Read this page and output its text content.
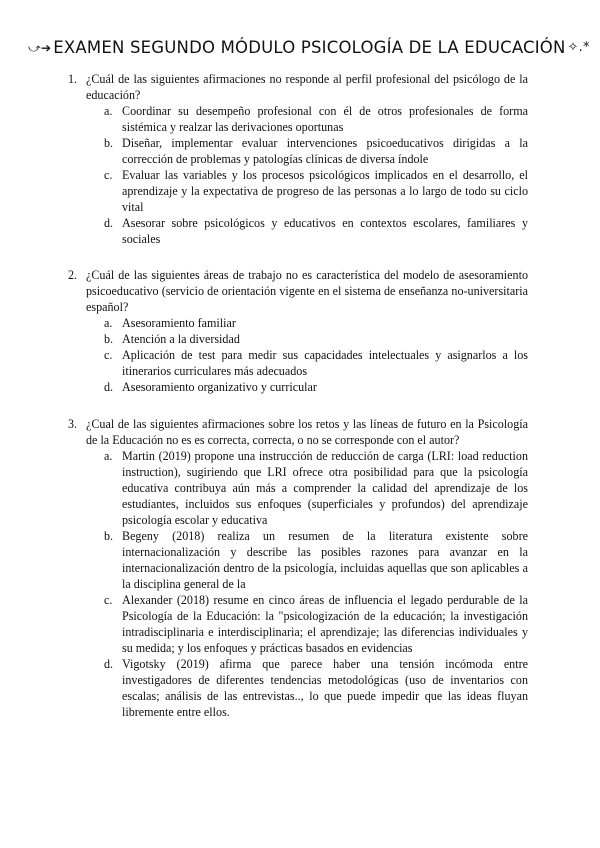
⤻➔ EXAMEN SEGUNDO MÓDULO PSICOLOGÍA DE LA EDUCACIÓN ✧.*
1. ¿Cuál de las siguientes afirmaciones no responde al perfil profesional del psicólogo de la educación?
a. Coordinar su desempeño profesional con él de otros profesionales de forma sistémica y realzar las derivaciones oportunas
b. Diseñar, implementar evaluar intervenciones psicoeducativos dirigidas a la corrección de problemas y patologías clínicas de diversa índole
c. Evaluar las variables y los procesos psicológicos implicados en el desarrollo, el aprendizaje y la expectativa de progreso de las personas a lo largo de todo su ciclo vital
d. Asesorar sobre psicológicos y educativos en contextos escolares, familiares y sociales
2. ¿Cuál de las siguientes áreas de trabajo no es característica del modelo de asesoramiento psicoeducativo (servicio de orientación vigente en el sistema de enseñanza no-universitaria español?
a. Asesoramiento familiar
b. Atención a la diversidad
c. Aplicación de test para medir sus capacidades intelectuales y asignarlos a los itinerarios curriculares más adecuados
d. Asesoramiento organizativo y curricular
3. ¿Cual de las siguientes afirmaciones sobre los retos y las líneas de futuro en la Psicología de la Educación no es es correcta, correcta, o no se corresponde con el autor?
a. Martin (2019) propone una instrucción de reducción de carga (LRI: load reduction instruction), sugiriendo que LRI ofrece otra posibilidad para que la psicología educativa contribuya aún más a comprender la calidad del aprendizaje de los estudiantes, incluidos sus enfoques (superficiales y profundos) del aprendizaje psicología escolar y educativa
b. Begeny (2018) realiza un resumen de la literatura existente sobre internacionalización y describe las posibles razones para avanzar en la internacionalización dentro de la psicología, incluidas aquellas que son aplicables a la disciplina general de la
c. Alexander (2018) resume en cinco áreas de influencia el legado perdurable de la Psicología de la Educación: la "psicologización de la educación; la investigación intradisciplinaria e interdisciplinaria; el aprendizaje; las diferencias individuales y su medida; y los enfoques y prácticas basados en evidencias
d. Vigotsky (2019) afirma que parece haber una tensión incómoda entre investigadores de diferentes tendencias metodológicas (uso de inventarios con escalas; análisis de las entrevistas.., lo que puede impedir que las ideas fluyan libremente entre ellos.
